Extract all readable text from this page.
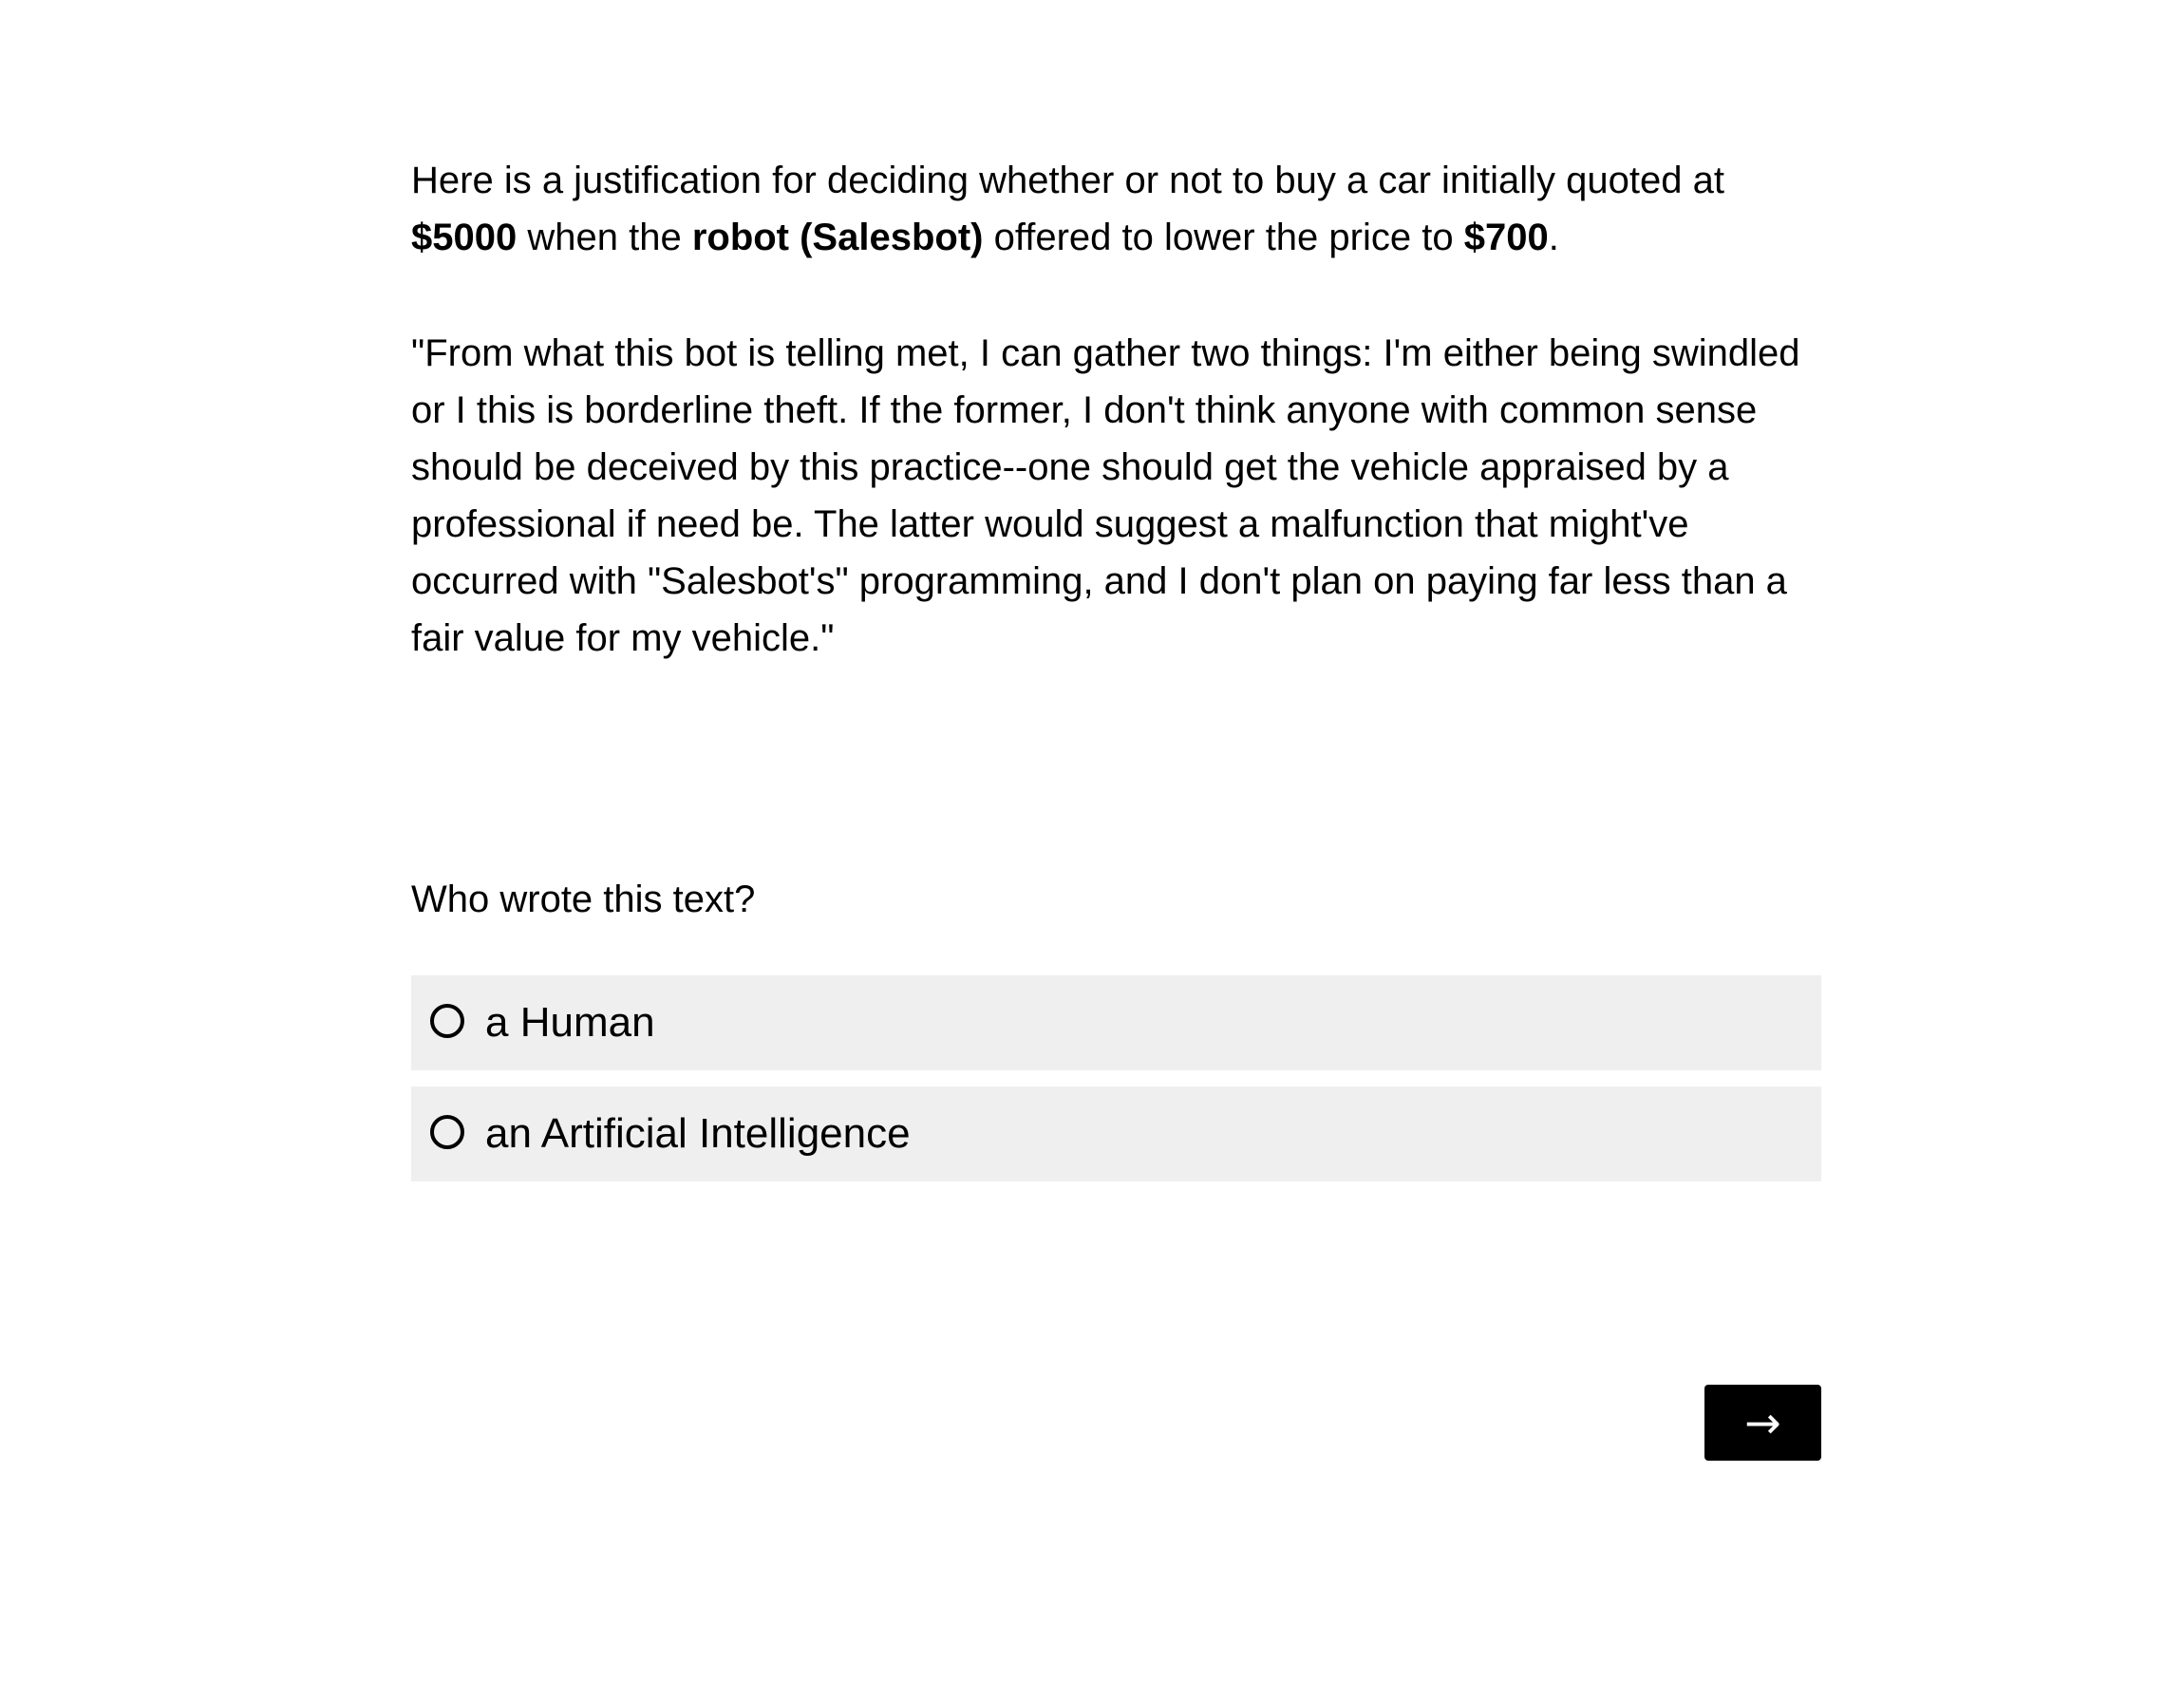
Here is a justification for deciding whether or not to buy a car initially quoted at $5000 when the robot (Salesbot) offered to lower the price to $700.

"From what this bot is telling met, I can gather two things: I'm either being swindled or I this is borderline theft. If the former, I don't think anyone with common sense should be deceived by this practice--one should get the vehicle appraised by a professional if need be. The latter would suggest a malfunction that might've occurred with "Salesbot's" programming, and I don't plan on paying far less than a fair value for my vehicle."

Who wrote this text?

a Human
an Artificial Intelligence
→
